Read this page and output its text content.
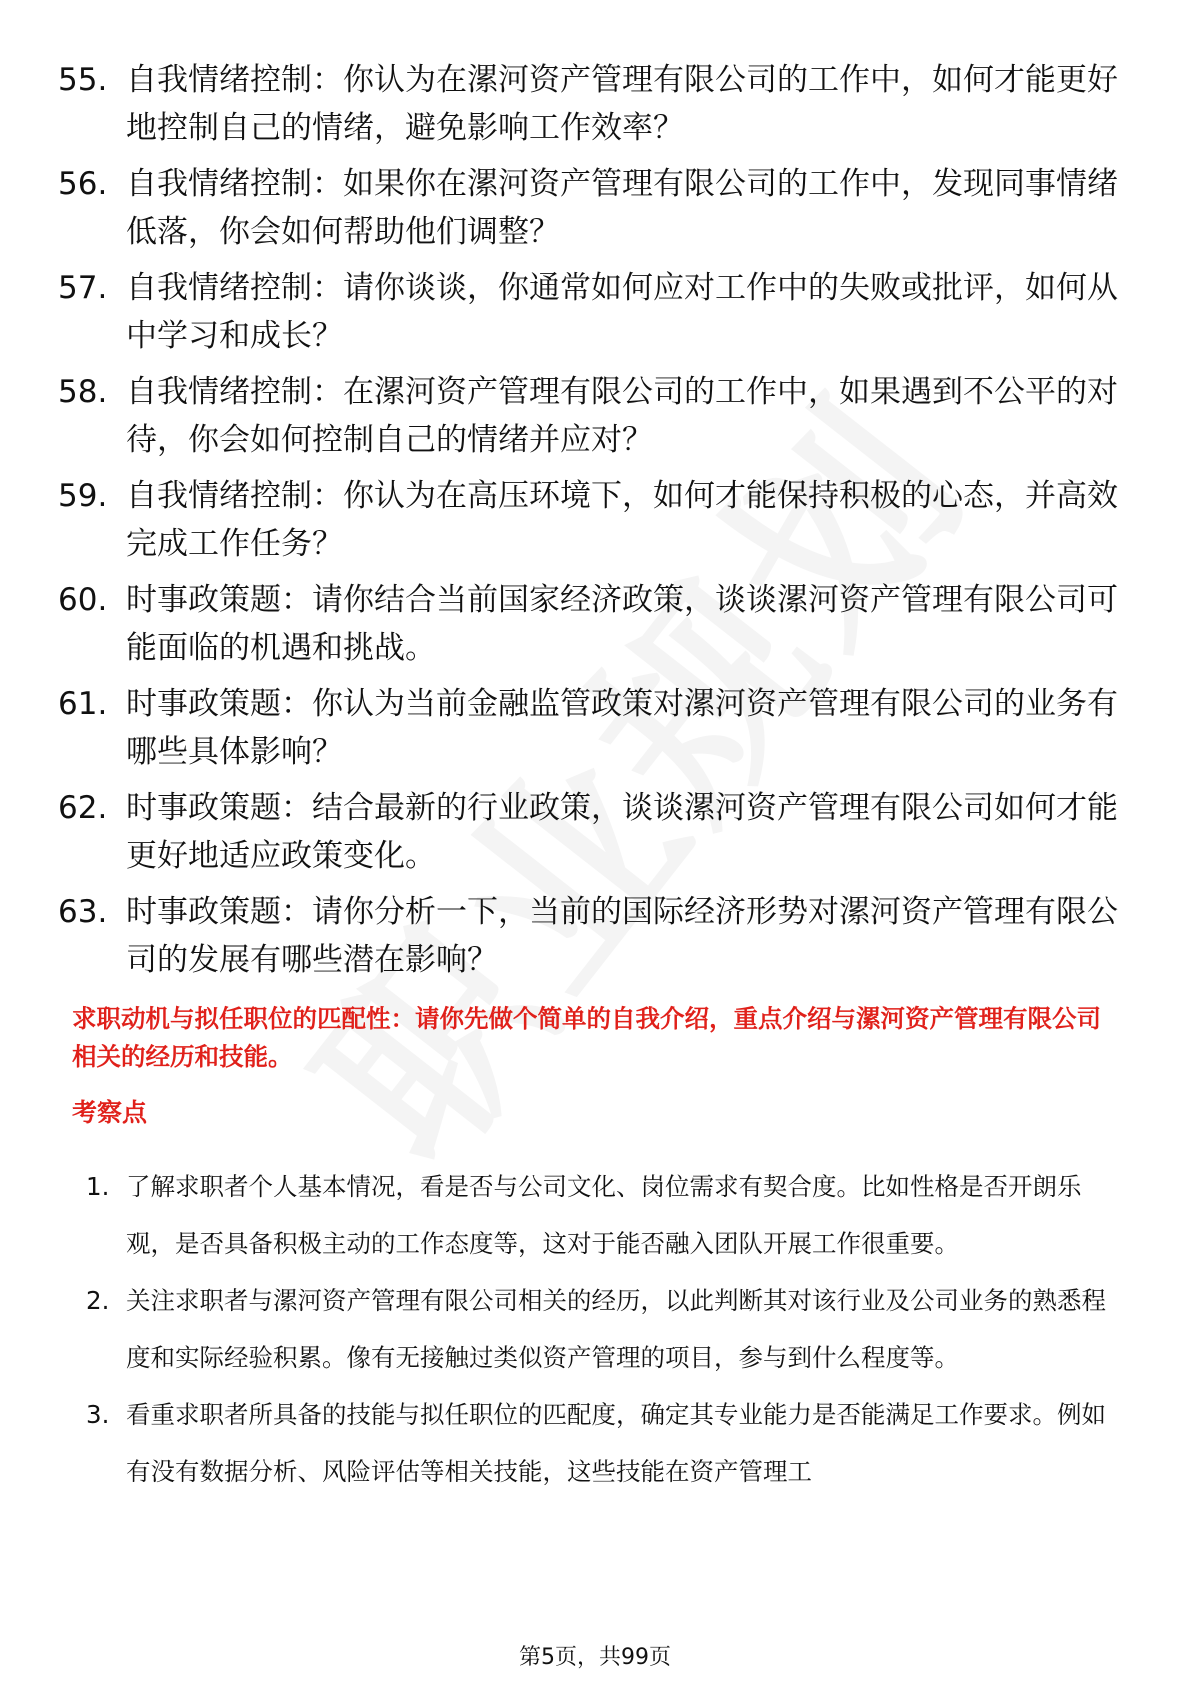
55. 自我情绪控制：你认为在漯河资产管理有限公司的工作中，如何才能更好地控制自己的情绪，避免影响工作效率？
56. 自我情绪控制：如果你在漯河资产管理有限公司的工作中，发现同事情绪低落，你会如何帮助他们调整？
57. 自我情绪控制：请你谈谈，你通常如何应对工作中的失败或批评，如何从中学习和成长？
58. 自我情绪控制：在漯河资产管理有限公司的工作中，如果遇到不公平的对待，你会如何控制自己的情绪并应对？
59. 自我情绪控制：你认为在高压环境下，如何才能保持积极的心态，并高效完成工作任务？
60. 时事政策题：请你结合当前国家经济政策，谈谈漯河资产管理有限公司可能面临的机遇和挑战。
61. 时事政策题：你认为当前金融监管政策对漯河资产管理有限公司的业务有哪些具体影响？
62. 时事政策题：结合最新的行业政策，谈谈漯河资产管理有限公司如何才能更好地适应政策变化。
63. 时事政策题：请你分析一下，当前的国际经济形势对漯河资产管理有限公司的发展有哪些潜在影响？
求职动机与拟任职位的匹配性：请你先做个简单的自我介绍，重点介绍与漯河资产管理有限公司相关的经历和技能。
考察点
1. 了解求职者个人基本情况，看是否与公司文化、岗位需求有契合度。比如性格是否开朗乐观，是否具备积极主动的工作态度等，这对于能否融入团队开展工作很重要。
2. 关注求职者与漯河资产管理有限公司相关的经历，以此判断其对该行业及公司业务的熟悉程度和实际经验积累。像有无接触过类似资产管理的项目，参与到什么程度等。
3. 看重求职者所具备的技能与拟任职位的匹配度，确定其专业能力是否能满足工作要求。例如有没有数据分析、风险评估等相关技能，这些技能在资产管理工
第5页，共99页
